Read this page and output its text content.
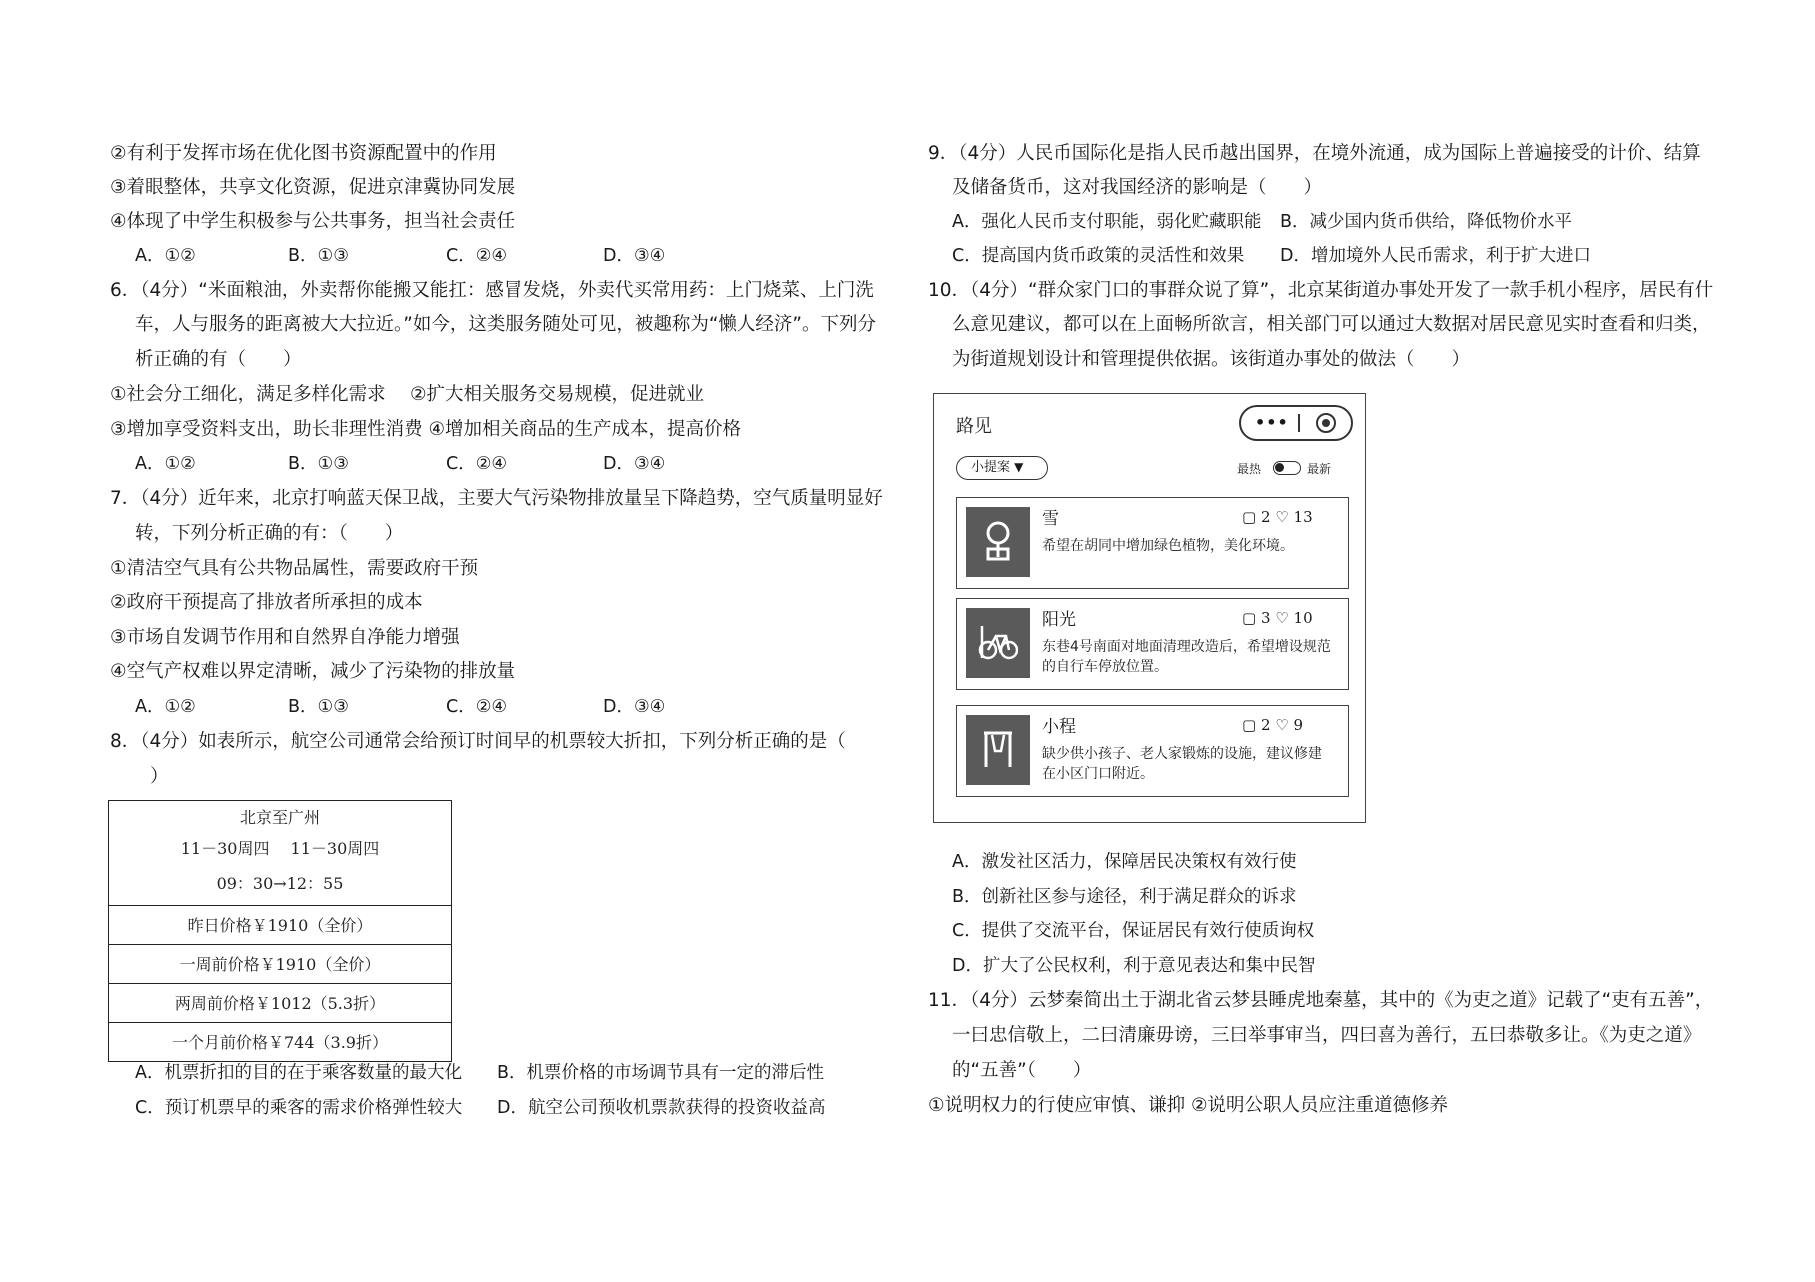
②有利于发挥市场在优化图书资源配置中的作用
③着眼整体，共享文化资源，促进京津冀协同发展
④体现了中学生积极参与公共事务，担当社会责任
A．①②	B．①③	C．②④	D．③④
6．（4分）“米面粮油，外卖帮你能搬又能扛：感冒发烧，外卖代买常用药：上门烧菜、上门洗
车，人与服务的距离被大大拉近。”如今，这类服务随处可见，被趣称为“懒人经济”。下列分
析正确的有（　　）
①社会分工细化，满足多样化需求　 ②扩大相关服务交易规模，促进就业
③增加享受资料支出，助长非理性消费 ④增加相关商品的生产成本，提高价格
A．①②	B．①③	C．②④	D．③④
7．（4分）近年来，北京打响蓝天保卫战，主要大气污染物排放量呈下降趋势，空气质量明显好
转，下列分析正确的有：（　　）
①清洁空气具有公共物品属性，需要政府干预
②政府干预提高了排放者所承担的成本
③市场自发调节作用和自然界自净能力增强
④空气产权难以界定清晰，减少了污染物的排放量
A．①②	B．①③	C．②④	D．③④
8．（4分）如表所示，航空公司通常会给预订时间早的机票较大折扣，下列分析正确的是（
）
北京至广州
11－30周四　 11－30周四
09：30→12：55
昨日价格￥1910（全价）
一周前价格￥1910（全价）
两周前价格￥1012（5.3折）
一个月前价格￥744（3.9折）
A．机票折扣的目的在于乘客数量的最大化 B．机票价格的市场调节具有一定的滞后性
C．预订机票早的乘客的需求价格弹性较大 D．航空公司预收机票款获得的投资收益高
9．（4分）人民币国际化是指人民币越出国界，在境外流通，成为国际上普遍接受的计价、结算
及储备货币，这对我国经济的影响是（　　）
A．强化人民币支付职能，弱化贮藏职能 B．减少国内货币供给，降低物价水平
C．提高国内货币政策的灵活性和效果 D．增加境外人民币需求，利于扩大进口
10．（4分）“群众家门口的事群众说了算”，北京某街道办事处开发了一款手机小程序，居民有什
么意见建议，都可以在上面畅所欲言，相关部门可以通过大数据对居民意见实时查看和归类，
为街道规划设计和管理提供依据。该街道办事处的做法（　　）
路见	•••
小提案 ▼	最热	最新
雪	▢ 2 ♡ 13
希望在胡同中增加绿色植物，美化环境。
阳光	▢ 3 ♡ 10
东巷4号南面对地面清理改造后，希望增设规范的自行车停放位置。
小程	▢ 2 ♡ 9
缺少供小孩子、老人家锻炼的设施，建议修建在小区门口附近。
A．激发社区活力，保障居民决策权有效行使
B．创新社区参与途径，利于满足群众的诉求
C．提供了交流平台，保证居民有效行使质询权
D．扩大了公民权利，利于意见表达和集中民智
11．（4分）云梦秦简出土于湖北省云梦县睡虎地秦墓，其中的《为吏之道》记载了“吏有五善”，
一曰忠信敬上，二曰清廉毋谤，三曰举事审当，四曰喜为善行，五曰恭敬多让。《为吏之道》
的“五善”（　　）
①说明权力的行使应审慎、谦抑 ②说明公职人员应注重道德修养
